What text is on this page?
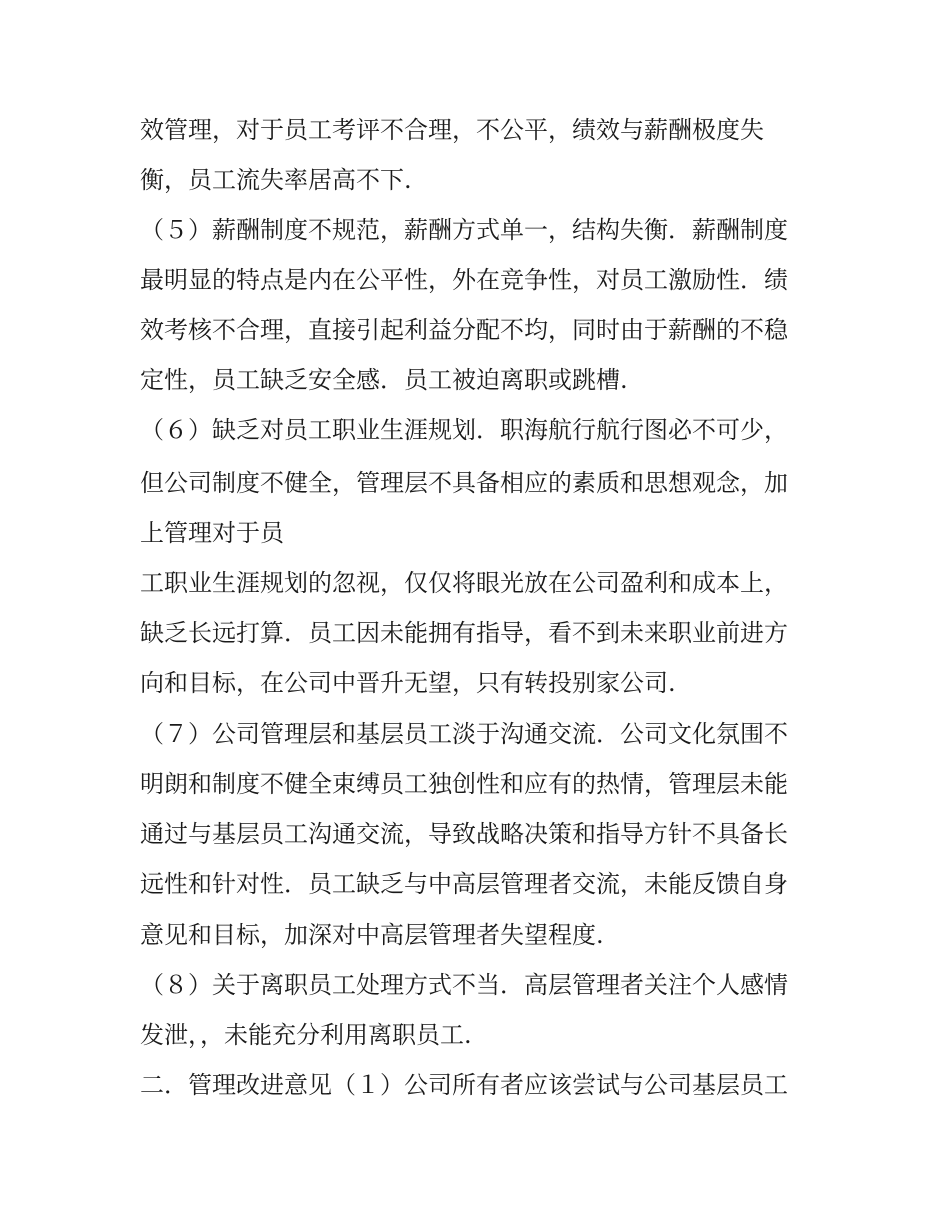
效管理，对于员工考评不合理，不公平，绩效与薪酬极度失
衡，员工流失率居高不下.
（５）薪酬制度不规范，薪酬方式单一，结构失衡．薪酬制度
最明显的特点是内在公平性，外在竞争性，对员工激励性．绩
效考核不合理，直接引起利益分配不均，同时由于薪酬的不稳
定性，员工缺乏安全感．员工被迫离职或跳槽.
（６）缺乏对员工职业生涯规划．职海航行航行图必不可少，
但公司制度不健全，管理层不具备相应的素质和思想观念，加
上管理对于员
工职业生涯规划的忽视，仅仅将眼光放在公司盈利和成本上，
缺乏长远打算．员工因未能拥有指导，看不到未来职业前进方
向和目标，在公司中晋升无望，只有转投别家公司.
（７）公司管理层和基层员工淡于沟通交流．公司文化氛围不
明朗和制度不健全束缚员工独创性和应有的热情，管理层未能
通过与基层员工沟通交流，导致战略决策和指导方针不具备长
远性和针对性．员工缺乏与中高层管理者交流，未能反馈自身
意见和目标，加深对中高层管理者失望程度.
（８）关于离职员工处理方式不当．高层管理者关注个人感情
发泄，，未能充分利用离职员工.
二．管理改进意见（１）公司所有者应该尝试与公司基层员工
